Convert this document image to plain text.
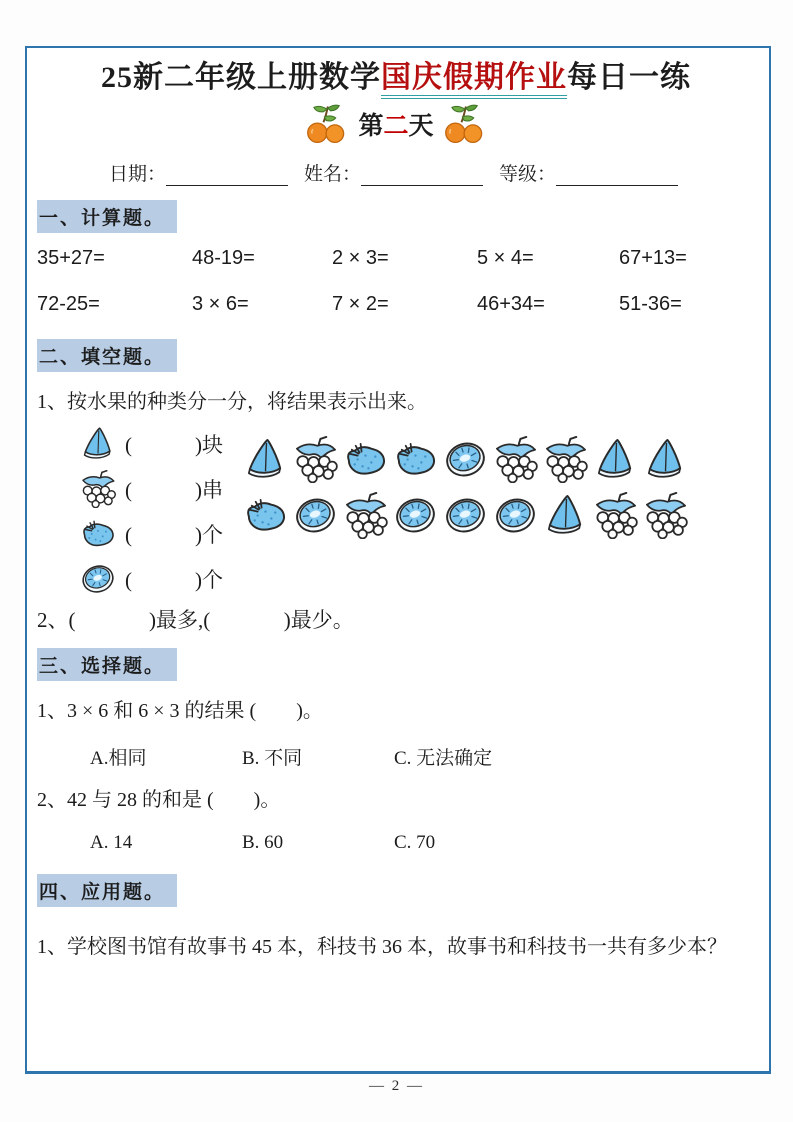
25新二年级上册数学国庆假期作业每日一练
第二天
日期：	姓名：	等级：
一、计算题。
35+27=	48-19=	2 × 3=	5 × 4=	67+13=
72-25=	3 × 6=	7 × 2=	46+34=	51-36=
二、填空题。
1、按水果的种类分一分，将结果表示出来。
(            )块
(            )串
(            )个
(            )个
2、(              )最多,(              )最少。
三、选择题。
1、3 × 6 和 6 × 3 的结果 (        )。
A.相同	B. 不同	C. 无法确定
2、42 与 28 的和是 (        )。
A. 14	B. 60	C. 70
四、应用题。
1、学校图书馆有故事书 45 本，科技书 36 本，故事书和科技书一共有多少本？
— 2 —
